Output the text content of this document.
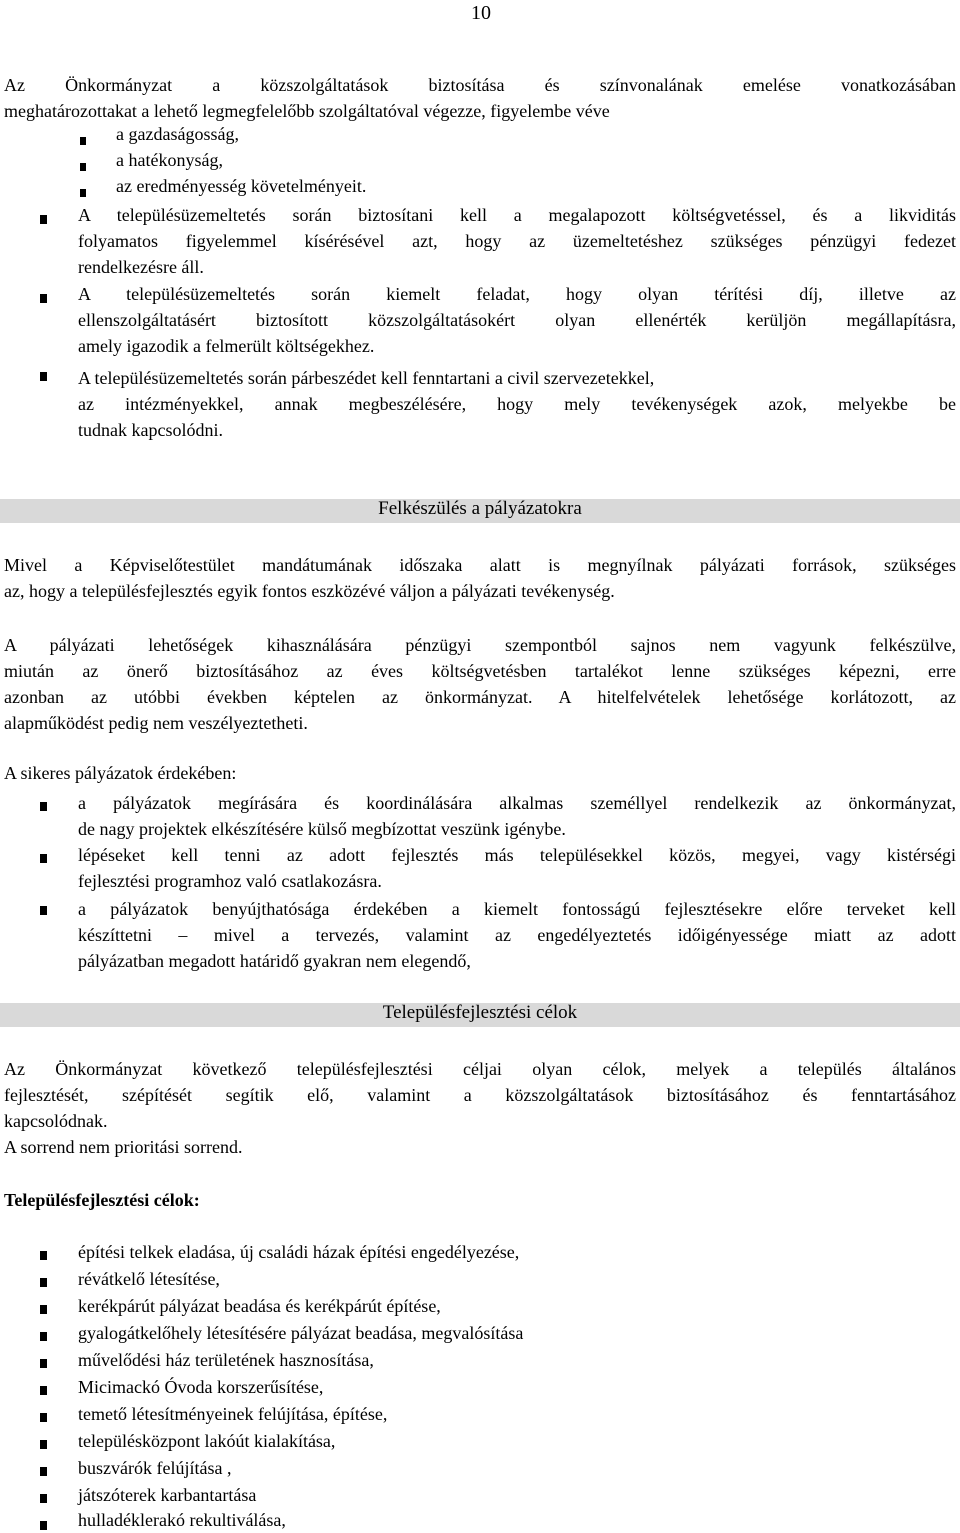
10
Az Önkormányzat a közszolgáltatások biztosítása és színvonalának emelése vonatkozásában
meghatározottakat a lehető legmegfelelőbb szolgáltatóval végezze, figyelembe véve
a gazdaságosság,
a hatékonyság,
az eredményesség követelményeit.
A településüzemeltetés során biztosítani kell a megalapozott költségvetéssel, és a likviditás
folyamatos figyelemmel kísérésével azt, hogy az üzemeltetéshez szükséges pénzügyi fedezet
rendelkezésre áll.
A településüzemeltetés során kiemelt feladat, hogy olyan térítési díj, illetve az
ellenszolgáltatásért biztosított közszolgáltatásokért olyan ellenérték kerüljön megállapításra,
amely igazodik a felmerült költségekhez.
A településüzemeltetés során párbeszédet kell fenntartani a civil szervezetekkel,
az intézményekkel, annak megbeszélésére, hogy mely tevékenységek azok, melyekbe be
tudnak kapcsolódni.
Felkészülés a pályázatokra
Mivel a Képviselőtestület mandátumának időszaka alatt is megnyílnak pályázati források, szükséges
az, hogy a településfejlesztés egyik fontos eszközévé váljon a pályázati tevékenység.
A pályázati lehetőségek kihasználására pénzügyi szempontból sajnos nem vagyunk felkészülve,
miután az önerő biztosításához az éves költségvetésben tartalékot lenne szükséges képezni, erre
azonban az utóbbi években képtelen az önkormányzat. A hitelfelvételek lehetősége korlátozott, az
alapműködést pedig nem veszélyeztetheti.
A sikeres pályázatok érdekében:
a pályázatok megírására és koordinálására alkalmas személlyel rendelkezik az önkormányzat,
de nagy projektek elkészítésére külső megbízottat veszünk igénybe.
lépéseket kell tenni az adott fejlesztés más településekkel közös, megyei, vagy kistérségi
fejlesztési programhoz való csatlakozásra.
a pályázatok benyújthatósága érdekében a kiemelt fontosságú fejlesztésekre előre terveket kell
készíttetni – mivel a tervezés, valamint az engedélyeztetés időigényessége miatt az adott
pályázatban megadott határidő gyakran nem elegendő,
Településfejlesztési célok
Az Önkormányzat következő településfejlesztési céljai olyan célok, melyek a település általános
fejlesztését, szépítését segítik elő, valamint a közszolgáltatások biztosításához és fenntartásához
kapcsolódnak.
A sorrend nem prioritási sorrend.
Településfejlesztési célok:
építési telkek eladása, új családi házak építési engedélyezése,
révátkelő létesítése,
kerékpárút pályázat beadása és kerékpárút építése,
gyalogátkelőhely létesítésére pályázat beadása, megvalósítása
művelődési ház területének hasznosítása,
Micimackó Óvoda korszerűsítése,
temető létesítményeinek felújítása, építése,
településközpont lakóút kialakítása,
buszvárók felújítása ,
játszóterek karbantartása
hulladéklerakó rekultiválása,
